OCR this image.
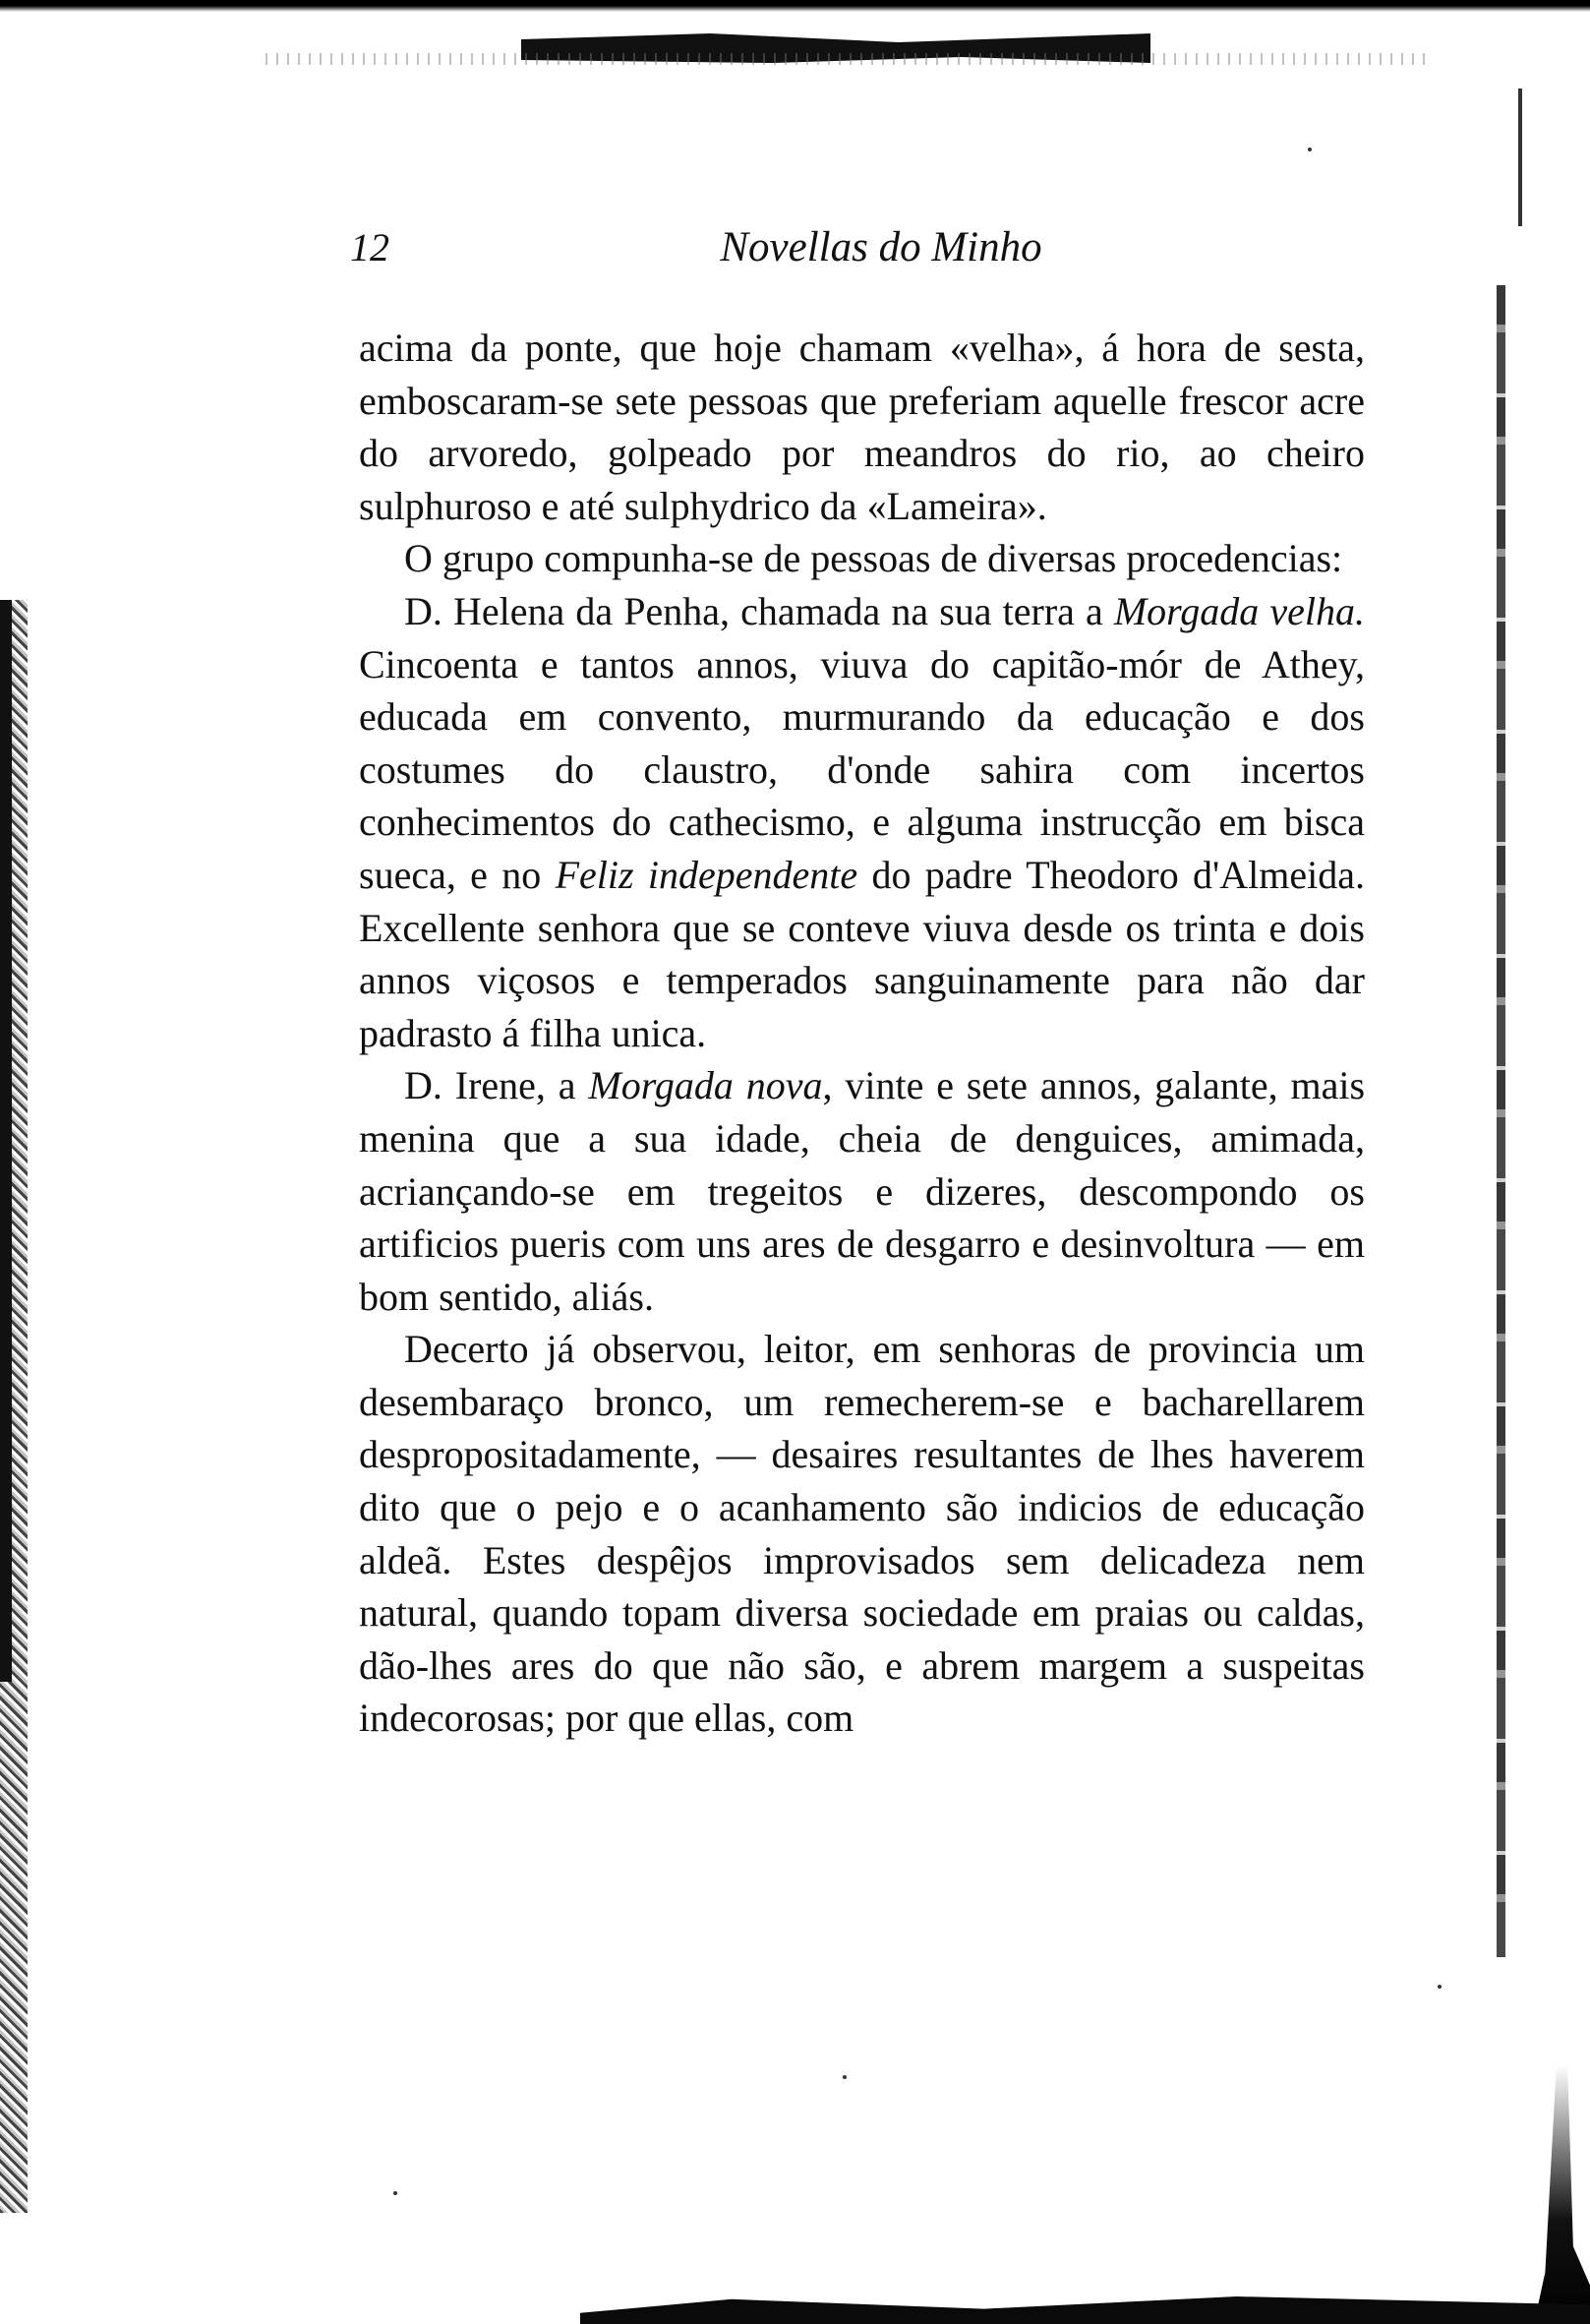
12	Novellas do Minho

acima da ponte, que hoje chamam «velha», á hora de sesta, emboscaram-se sete pessoas que preferiam aquelle frescor acre do arvoredo, golpeado por meandros do rio, ao cheiro sulphuroso e até sulphydrico da «Lameira».

O grupo compunha-se de pessoas de diversas procedencias:

D. Helena da Penha, chamada na sua terra a Morgada velha. Cincoenta e tantos annos, viuva do capitão-mór de Athey, educada em convento, murmurando da educação e dos costumes do claustro, d'onde sahira com incertos conhecimentos do cathecismo, e alguma instrucção em bisca sueca, e no Feliz independente do padre Theodoro d'Almeida. Excellente senhora que se conteve viuva desde os trinta e dois annos viçosos e temperados sanguinamente para não dar padrasto á filha unica.

D. Irene, a Morgada nova, vinte e sete annos, galante, mais menina que a sua idade, cheia de denguices, amimada, acriançando-se em tregeitos e dizeres, descompondo os artificios pueris com uns ares de desgarro e desinvoltura — em bom sentido, aliás.

Decerto já observou, leitor, em senhoras de provincia um desembaraço bronco, um remecherem-se e bacharellarem despropositadamente, — desaires resultantes de lhes haverem dito que o pejo e o acanhamento são indicios de educação aldeã. Estes despêjos improvisados sem delicadeza nem natural, quando topam diversa sociedade em praias ou caldas, dão-lhes ares do que não são, e abrem margem a suspeitas indecorosas; por que ellas, com
